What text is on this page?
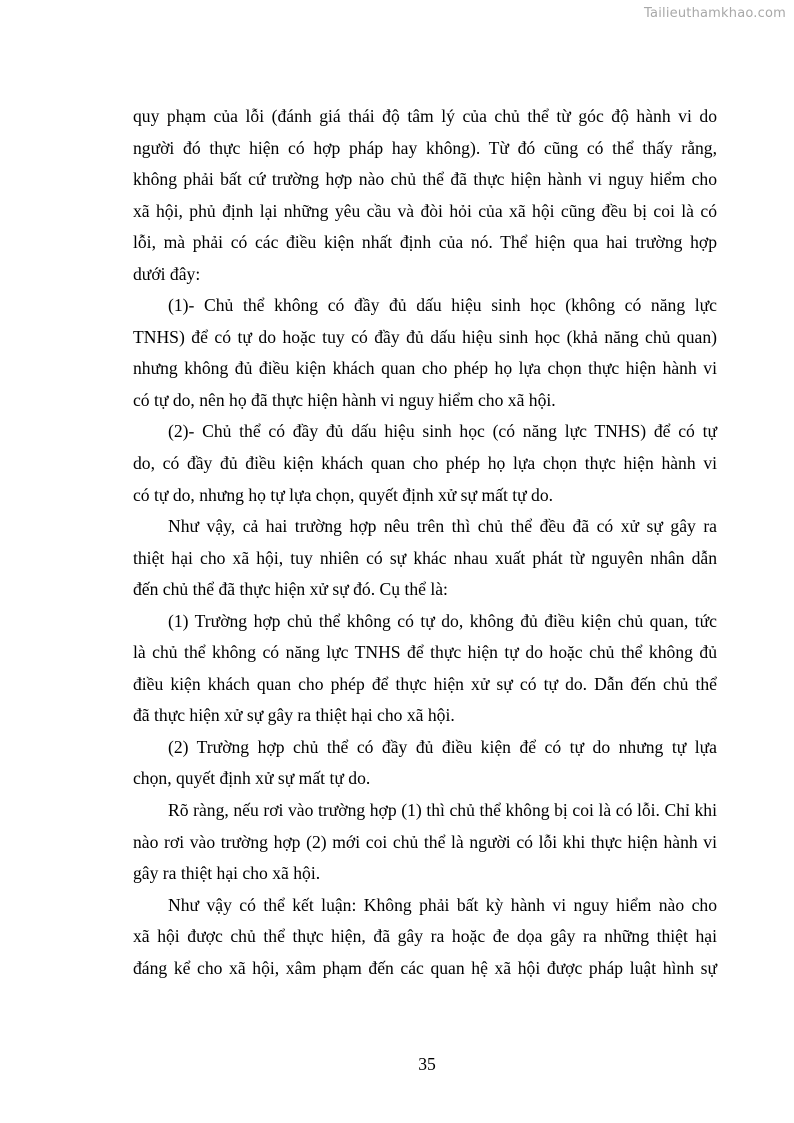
Tailieuthamkhao.com

quy phạm của lỗi (đánh giá thái độ tâm lý của chủ thể từ góc độ hành vi do

người đó thực hiện có hợp pháp hay không). Từ đó cũng có thể thấy rằng,

không phải bất cứ trường hợp nào chủ thể đã thực hiện hành vi nguy hiểm cho

xã hội, phủ định lại những yêu cầu và đòi hỏi của xã hội cũng đều bị coi là có

lỗi, mà phải có các điều kiện nhất định của nó. Thể hiện qua hai trường hợp

dưới đây:

(1)- Chủ thể không có đầy đủ dấu hiệu sinh học (không có năng lực

TNHS) để có tự do hoặc tuy có đầy đủ dấu hiệu sinh học (khả năng chủ quan)

nhưng không đủ điều kiện khách quan cho phép họ lựa chọn thực hiện hành vi

có tự do, nên họ đã thực hiện hành vi nguy hiểm cho xã hội.

(2)- Chủ thể có đầy đủ dấu hiệu sinh học (có năng lực TNHS) để có tự

do, có đầy đủ điều kiện khách quan cho phép họ lựa chọn thực hiện hành vi

có tự do, nhưng họ tự lựa chọn, quyết định xử sự mất tự do.

Như vậy, cả hai trường hợp nêu trên thì chủ thể đều đã có xử sự gây ra

thiệt hại cho xã hội, tuy nhiên có sự khác nhau xuất phát từ nguyên nhân dẫn

đến chủ thể đã thực hiện xử sự đó. Cụ thể là:

(1) Trường hợp chủ thể không có tự do, không đủ điều kiện chủ quan, tức

là chủ thể không có năng lực TNHS để thực hiện tự do hoặc chủ thể không đủ

điều kiện khách quan cho phép để thực hiện xử sự có tự do. Dẫn đến chủ thể

đã thực hiện xử sự gây ra thiệt hại cho xã hội.

(2) Trường hợp chủ thể có đầy đủ điều kiện để có tự do nhưng tự lựa

chọn, quyết định xử sự mất tự do.

Rõ ràng, nếu rơi vào trường hợp (1) thì chủ thể không bị coi là có lỗi. Chỉ khi

nào rơi vào trường hợp (2) mới coi chủ thể là người có lỗi khi thực hiện hành vi

gây ra thiệt hại cho xã hội.

Như vậy có thể kết luận: Không phải bất kỳ hành vi nguy hiểm nào cho

xã hội được chủ thể thực hiện, đã gây ra hoặc đe dọa gây ra những thiệt hại

đáng kể cho xã hội, xâm phạm đến các quan hệ xã hội được pháp luật hình sự

35
